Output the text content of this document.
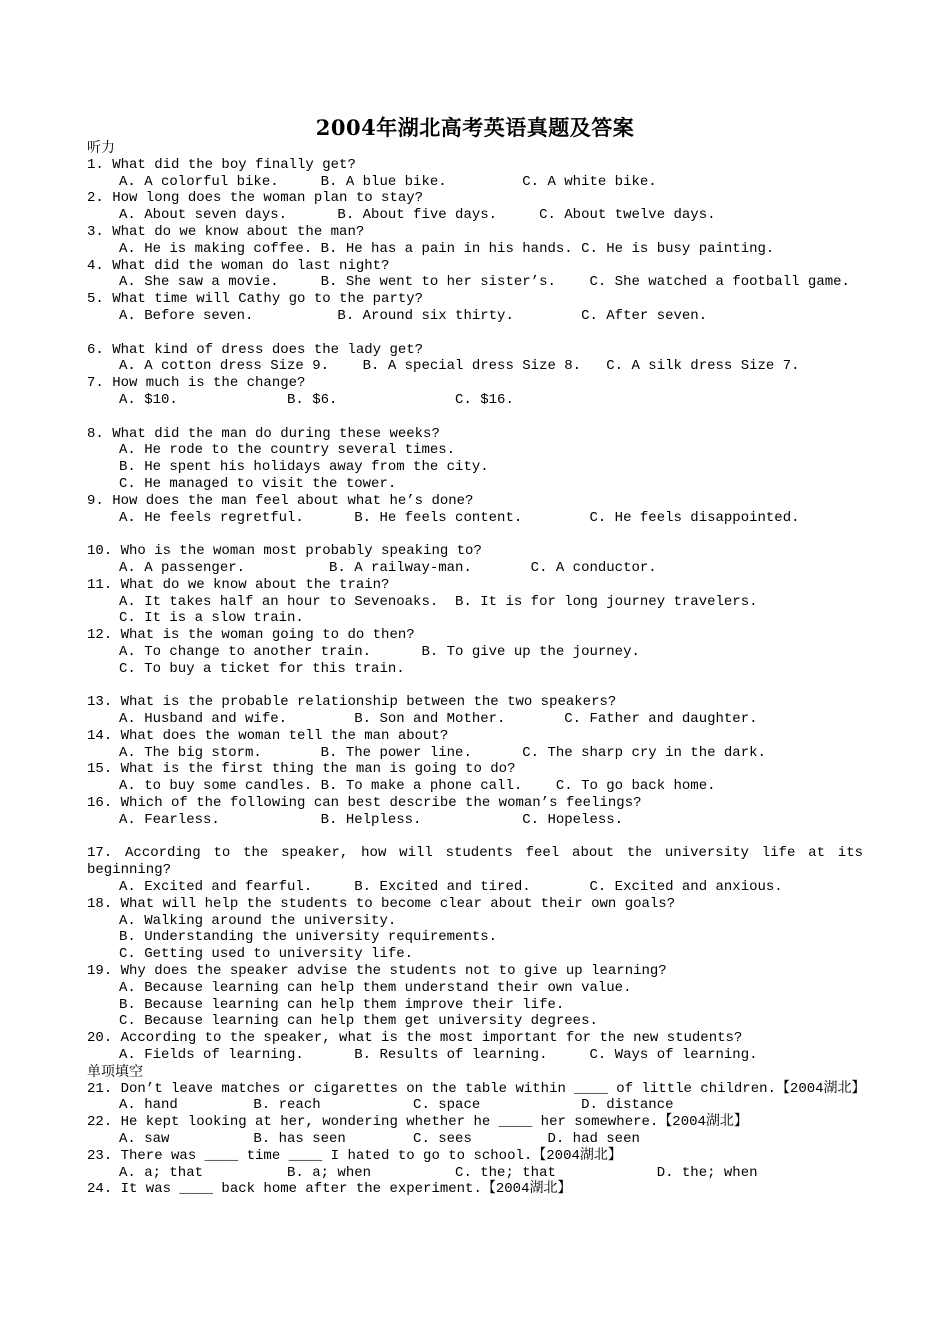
2004年湖北高考英语真题及答案
听力
1. What did the boy finally get?
A. A colorful bike.     B. A blue bike.         C. A white bike.
2. How long does the woman plan to stay?
A. About seven days.      B. About five days.     C. About twelve days.
3. What do we know about the man?
A. He is making coffee. B. He has a pain in his hands. C. He is busy painting.
4. What did the woman do last night?
A. She saw a movie.     B. She went to her sister’s.    C. She watched a football game.
5. What time will Cathy go to the party?
A. Before seven.          B. Around six thirty.        C. After seven.
6. What kind of dress does the lady get?
A. A cotton dress Size 9.    B. A special dress Size 8.   C. A silk dress Size 7.
7. How much is the change?
A. $10.             B. $6.              C. $16.
8. What did the man do during these weeks?
A. He rode to the country several times.
B. He spent his holidays away from the city.
C. He managed to visit the tower.
9. How does the man feel about what he’s done?
A. He feels regretful.      B. He feels content.        C. He feels disappointed.
10. Who is the woman most probably speaking to?
A. A passenger.          B. A railway-man.       C. A conductor.
11. What do we know about the train?
A. It takes half an hour to Sevenoaks.  B. It is for long journey travelers.
C. It is a slow train.
12. What is the woman going to do then?
A. To change to another train.      B. To give up the journey.
C. To buy a ticket for this train.
13. What is the probable relationship between the two speakers?
A. Husband and wife.        B. Son and Mother.       C. Father and daughter.
14. What does the woman tell the man about?
A. The big storm.       B. The power line.      C. The sharp cry in the dark.
15. What is the first thing the man is going to do?
A. to buy some candles. B. To make a phone call.    C. To go back home.
16. Which of the following can best describe the woman’s feelings?
A. Fearless.            B. Helpless.            C. Hopeless.
17. According to the speaker, how will students feel about the university life at its
beginning?
A. Excited and fearful.     B. Excited and tired.       C. Excited and anxious.
18. What will help the students to become clear about their own goals?
A. Walking around the university.
B. Understanding the university requirements.
C. Getting used to university life.
19. Why does the speaker advise the students not to give up learning?
A. Because learning can help them understand their own value.
B. Because learning can help them improve their life.
C. Because learning can help them get university degrees.
20. According to the speaker, what is the most important for the new students?
A. Fields of learning.      B. Results of learning.     C. Ways of learning.
单项填空
21. Don’t leave matches or cigarettes on the table within ____ of little children.【2004湖北】
A. hand         B. reach           C. space            D. distance
22. He kept looking at her, wondering whether he ____ her somewhere.【2004湖北】
A. saw          B. has seen        C. sees         D. had seen
23. There was ____ time ____ I hated to go to school.【2004湖北】
A. a; that          B. a; when          C. the; that            D. the; when
24. It was ____ back home after the experiment.【2004湖北】
